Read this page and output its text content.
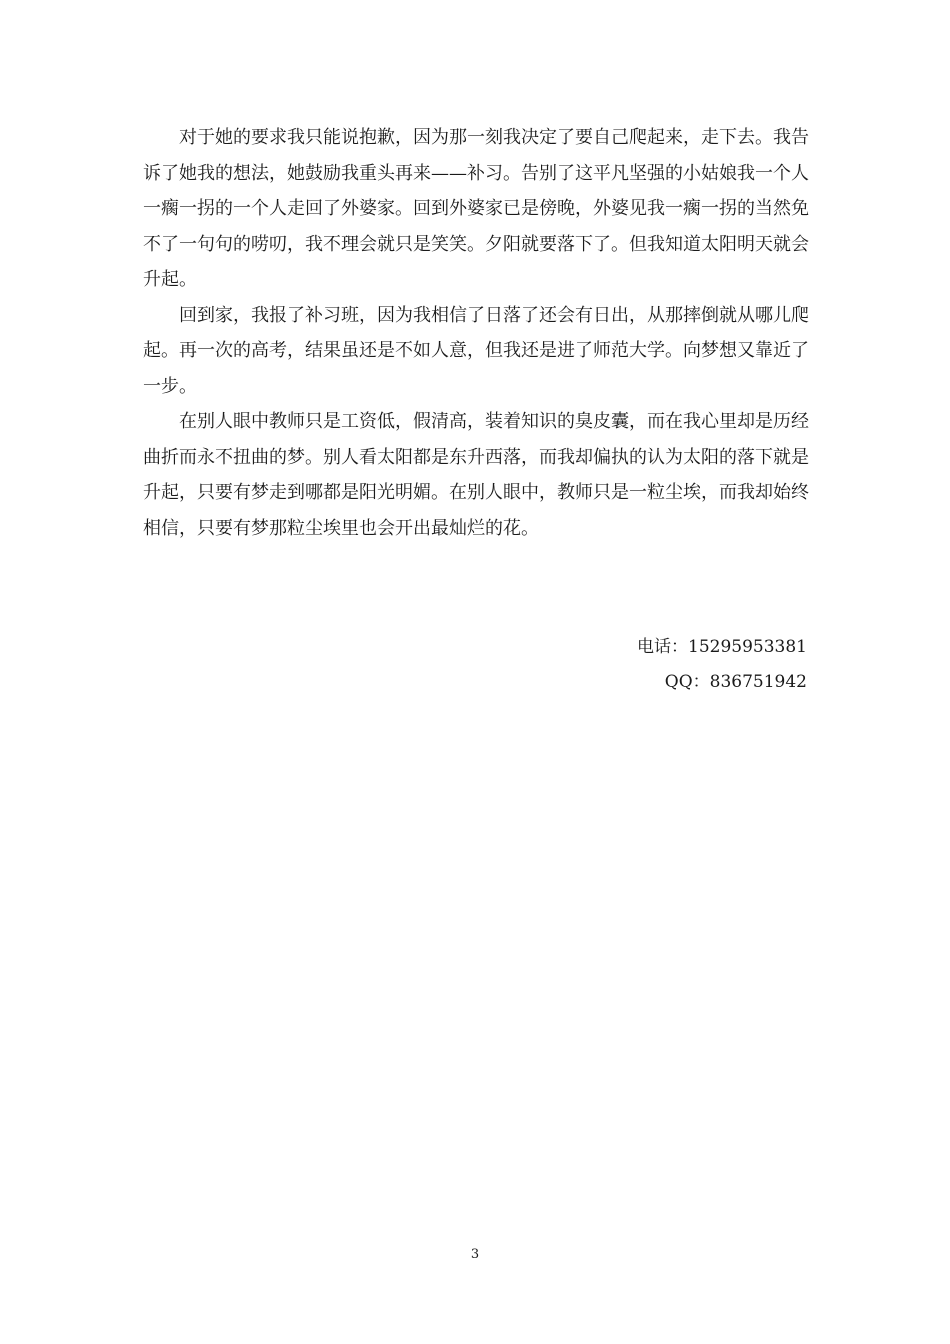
对于她的要求我只能说抱歉，因为那一刻我决定了要自己爬起来，走下去。我告诉了她我的想法，她鼓励我重头再来——补习。告别了这平凡坚强的小姑娘我一个人一瘸一拐的一个人走回了外婆家。回到外婆家已是傍晚，外婆见我一瘸一拐的当然免不了一句句的唠叨，我不理会就只是笑笑。夕阳就要落下了。但我知道太阳明天就会升起。

回到家，我报了补习班，因为我相信了日落了还会有日出，从那摔倒就从哪儿爬起。再一次的高考，结果虽还是不如人意，但我还是进了师范大学。向梦想又靠近了一步。

在别人眼中教师只是工资低，假清高，装着知识的臭皮囊，而在我心里却是历经曲折而永不扭曲的梦。别人看太阳都是东升西落，而我却偏执的认为太阳的落下就是升起，只要有梦走到哪都是阳光明媚。在别人眼中，教师只是一粒尘埃，而我却始终相信，只要有梦那粒尘埃里也会开出最灿烂的花。

电话：15295953381
QQ：836751942
3
